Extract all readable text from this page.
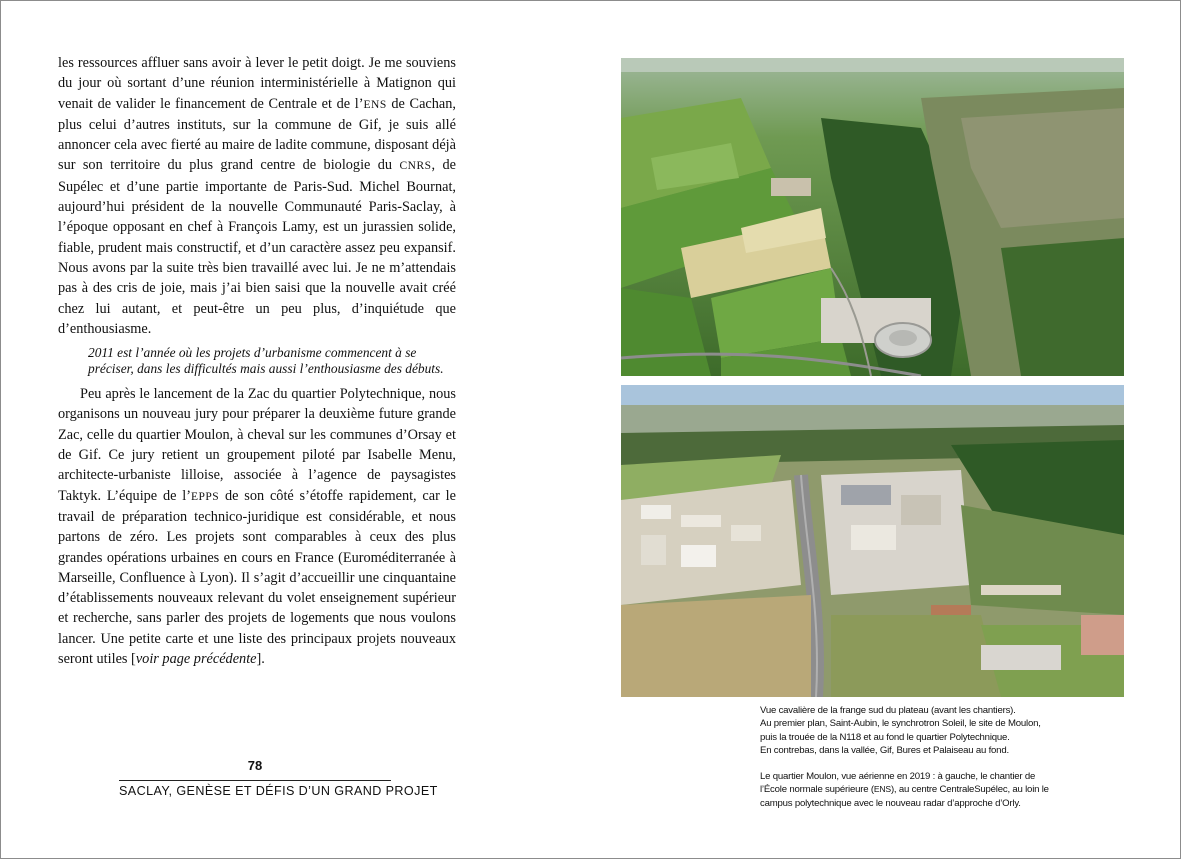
les ressources affluer sans avoir à lever le petit doigt. Je me souviens du jour où sortant d’une réunion interministérielle à Matignon qui venait de valider le financement de Centrale et de l’ENS de Cachan, plus celui d’autres instituts, sur la commune de Gif, je suis allé annoncer cela avec fierté au maire de ladite commune, disposant déjà sur son territoire du plus grand centre de biologie du CNRS, de Supélec et d’une partie importante de Paris-Sud. Michel Bournat, aujourd’hui président de la nouvelle Communauté Paris-Saclay, à l’époque opposant en chef à François Lamy, est un jurassien solide, fiable, prudent mais constructif, et d’un caractère assez peu expansif. Nous avons par la suite très bien travaillé avec lui. Je ne m’attendais pas à des cris de joie, mais j’ai bien saisi que la nouvelle avait créé chez lui autant, et peut-être un peu plus, d’inquiétude que d’enthousiasme.

2011 est l’année où les projets d’urbanisme commencent à se préciser, dans les difficultés mais aussi l’enthousiasme des débuts.

Peu après le lancement de la Zac du quartier Polytechnique, nous organisons un nouveau jury pour préparer la deuxième future grande Zac, celle du quartier Moulon, à cheval sur les communes d’Orsay et de Gif. Ce jury retient un groupement piloté par Isabelle Menu, architecte-urbaniste lilloise, associée à l’agence de paysagistes Taktyk. L’équipe de l’EPPS de son côté s’étoffe rapidement, car le travail de préparation technico-juridique est considérable, et nous partons de zéro. Les projets sont comparables à ceux des plus grandes opérations urbaines en cours en France (Euroméditerranée à Marseille, Confluence à Lyon). Il s’agit d’accueillir une cinquantaine d’établissements nouveaux relevant du volet enseignement supérieur et recherche, sans parler des projets de logements que nous voulons lancer. Une petite carte et une liste des principaux projets nouveaux seront utiles [voir page précédente].

78
SACLAY, GENÈSE ET DÉFIS D’UN GRAND PROJET

Vue cavalière de la frange sud du plateau (avant les chantiers).
Au premier plan, Saint-Aubin, le synchrotron Soleil, le site de Moulon,
puis la trouée de la N118 et au fond le quartier Polytechnique.
En contrebas, dans la vallée, Gif, Bures et Palaiseau au fond.

Le quartier Moulon, vue aérienne en 2019 : à gauche, le chantier de l’École normale supérieure (ENS), au centre CentraleSupélec, au loin le campus polytechnique avec le nouveau radar d’approche d’Orly.
